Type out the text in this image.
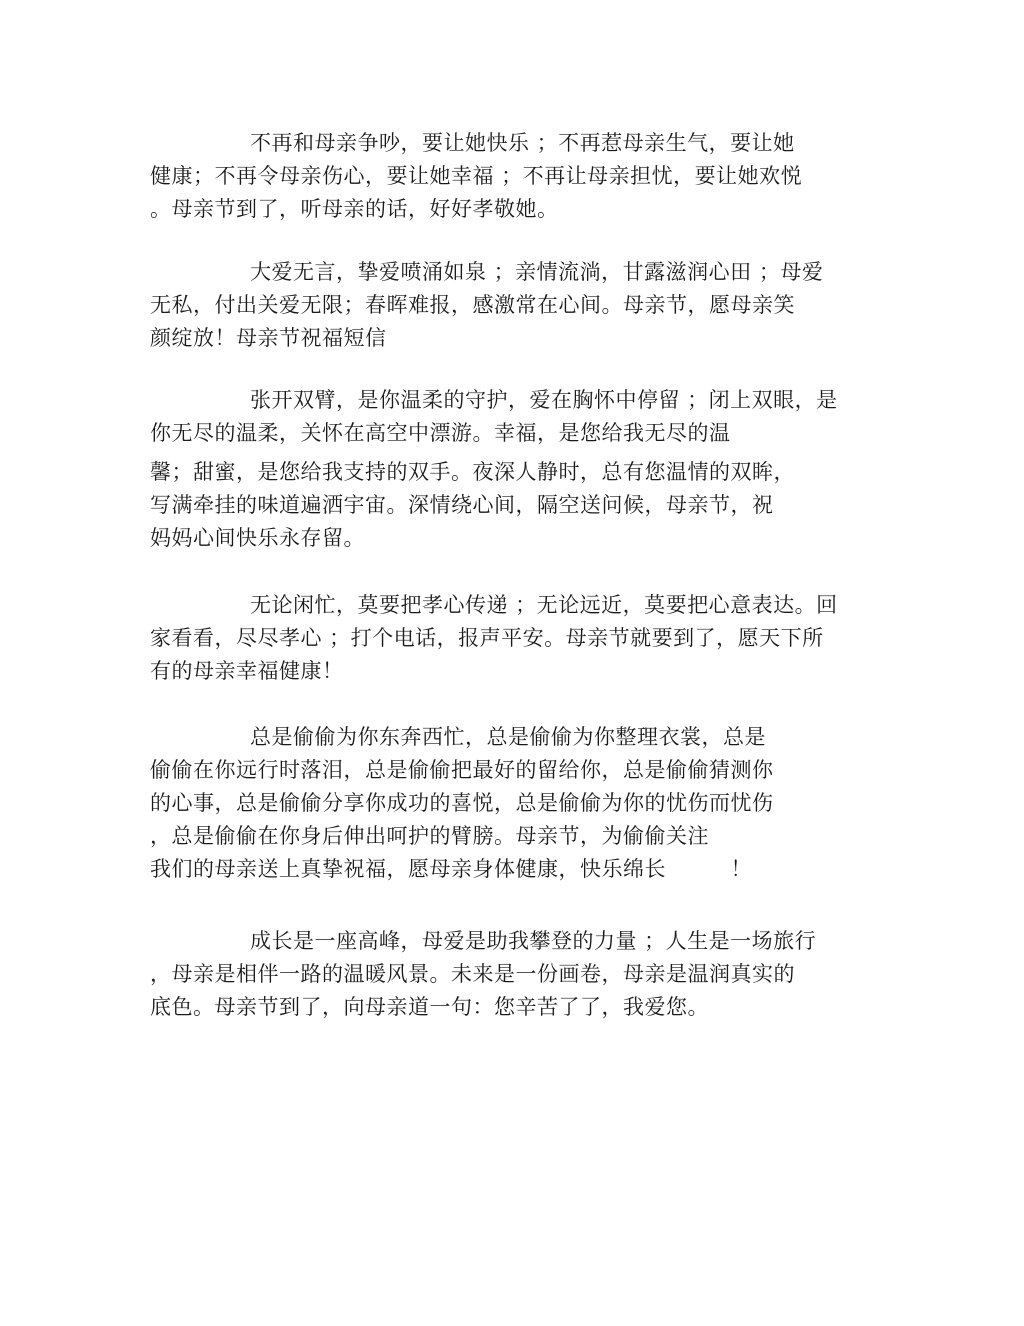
不再和母亲争吵，要让她快乐 ；不再惹母亲生气，要让她
健康；不再令母亲伤心，要让她幸福 ；不再让母亲担忧，要让她欢悦
。母亲节到了，听母亲的话，好好孝敬她。
大爱无言，挚爱喷涌如泉 ；亲情流淌，甘露滋润心田 ；母爱
无私，付出关爱无限；春晖难报，感激常在心间。母亲节，愿母亲笑
颜绽放！母亲节祝福短信
张开双臂，是你温柔的守护，爱在胸怀中停留 ；闭上双眼，是
你无尽的温柔，关怀在高空中漂游。幸福，是您给我无尽的温
馨；甜蜜，是您给我支持的双手。夜深人静时，总有您温情的双眸，
写满牵挂的味道遍洒宇宙。深情绕心间，隔空送问候，母亲节，祝
妈妈心间快乐永存留。
无论闲忙，莫要把孝心传递 ；无论远近，莫要把心意表达。回
家看看，尽尽孝心 ；打个电话，报声平安。母亲节就要到了，愿天下所
有的母亲幸福健康！
总是偷偷为你东奔西忙，总是偷偷为你整理衣裳，总是
偷偷在你远行时落泪，总是偷偷把最好的留给你，总是偷偷猜测你
的心事，总是偷偷分享你成功的喜悦，总是偷偷为你的忧伤而忧伤
，总是偷偷在你身后伸出呵护的臂膀。母亲节，为偷偷关注
我们的母亲送上真挚祝福，愿母亲身体健康，快乐绵长　　　！
成长是一座高峰，母爱是助我攀登的力量 ；人生是一场旅行
，母亲是相伴一路的温暖风景。未来是一份画卷，母亲是温润真实的
底色。母亲节到了，向母亲道一句：您辛苦了了，我爱您。
